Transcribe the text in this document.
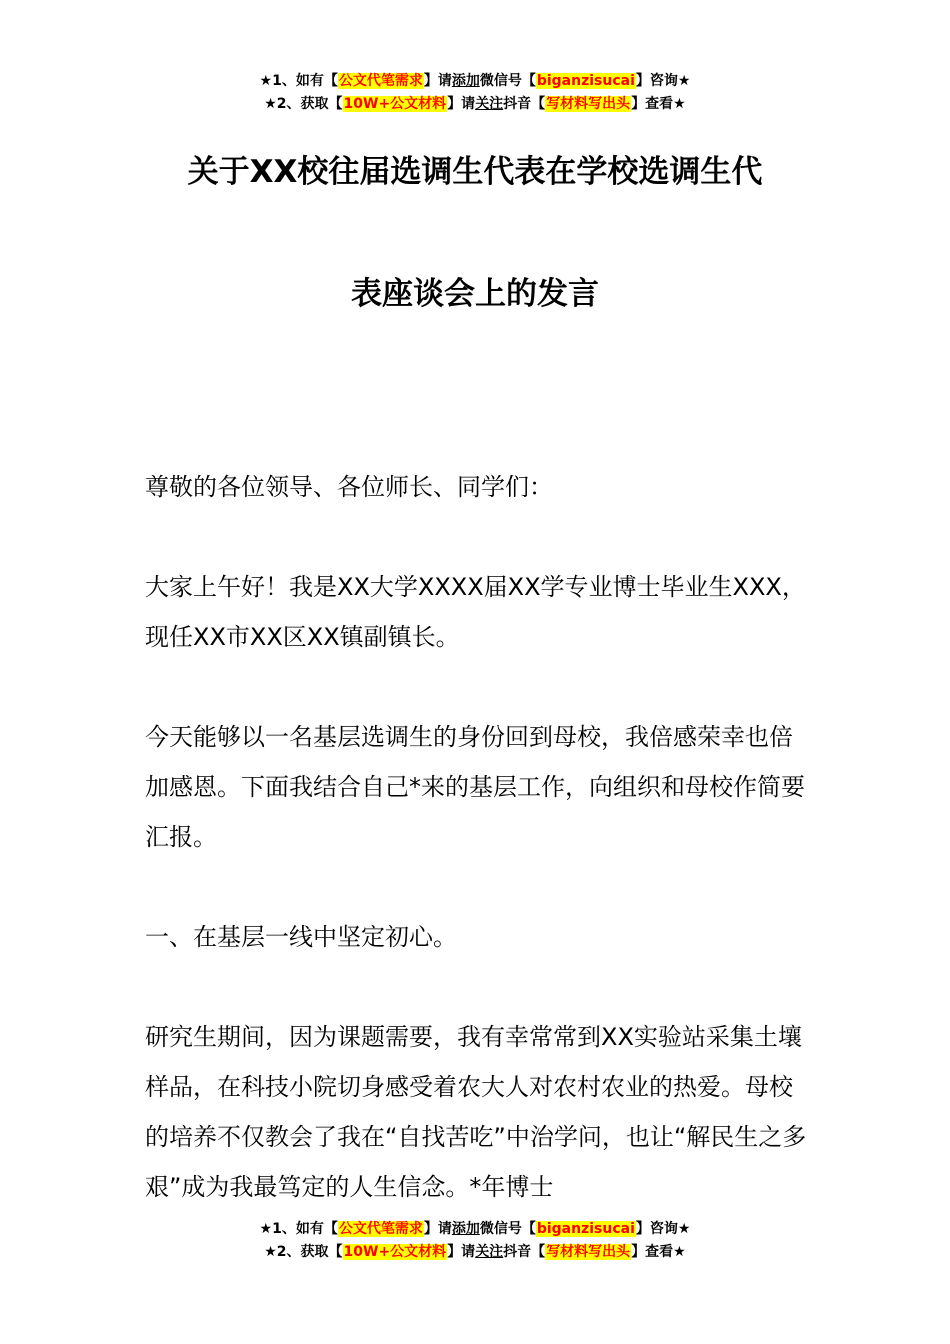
★1、如有【公文代笔需求】请添加微信号【biganzisucai】咨询★
★2、获取【10W+公文材料】请关注抖音【写材料写出头】查看★
关于XX校往届选调生代表在学校选调生代
表座谈会上的发言

尊敬的各位领导、各位师长、同学们：

大家上午好！我是XX大学XXXX届XX学专业博士毕业生XXX，现任XX市XX区XX镇副镇长。

今天能够以一名基层选调生的身份回到母校，我倍感荣幸也倍加感恩。下面我结合自己*来的基层工作，向组织和母校作简要汇报。

一、在基层一线中坚定初心。

研究生期间，因为课题需要，我有幸常常到XX实验站采集土壤样品，在科技小院切身感受着农大人对农村农业的热爱。母校的培养不仅教会了我在“自找苦吃”中治学问，也让“解民生之多艰”成为我最笃定的人生信念。*年博士

★1、如有【公文代笔需求】请添加微信号【biganzisucai】咨询★
★2、获取【10W+公文材料】请关注抖音【写材料写出头】查看★
